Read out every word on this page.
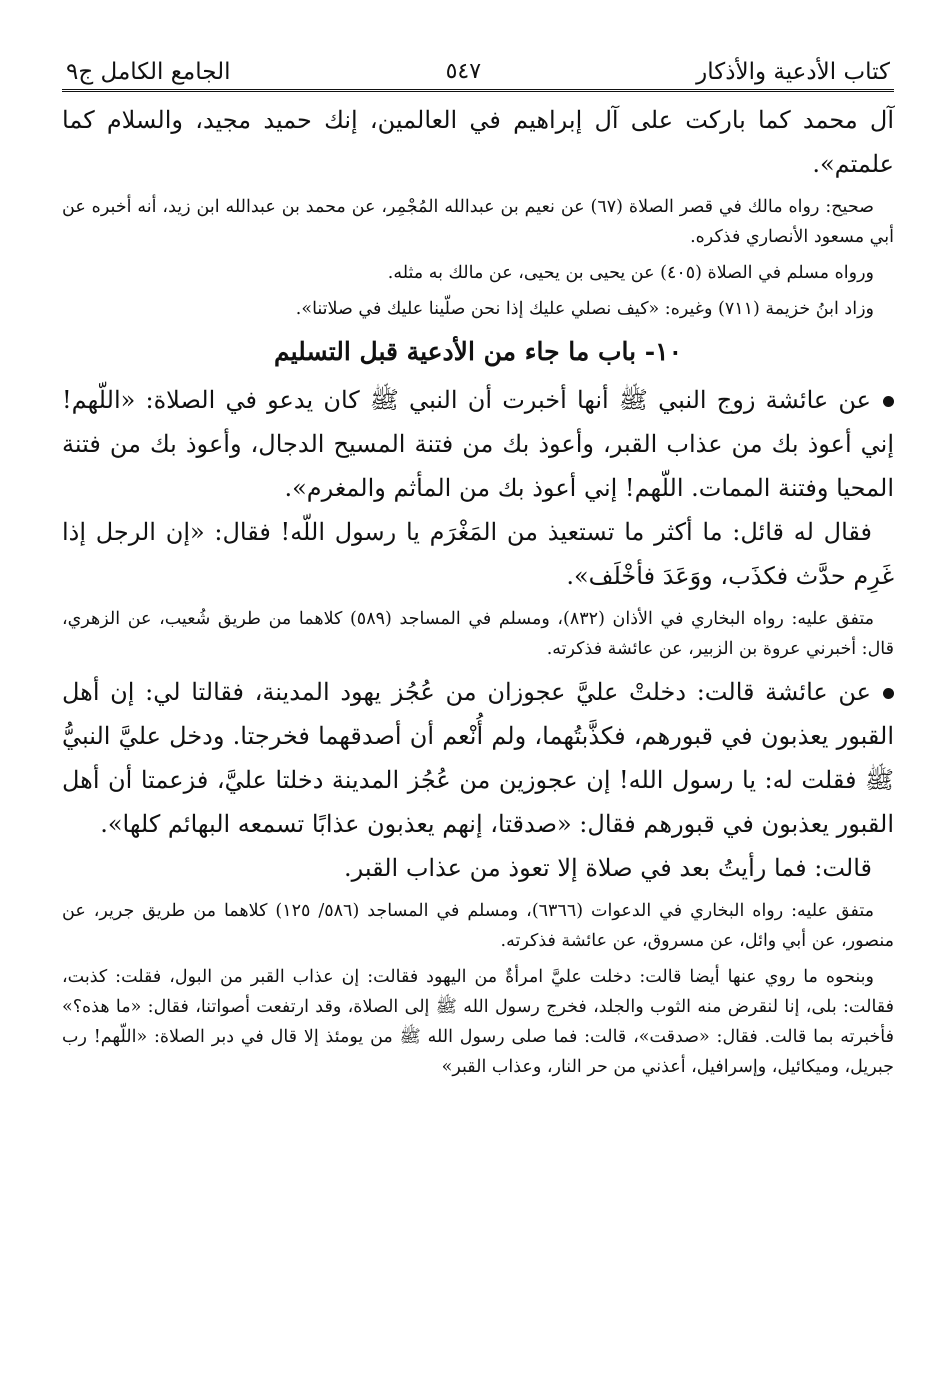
كتاب الأدعية والأذكار
٥٤٧
الجامع الكامل ج٩

آل محمد كما باركت على آل إبراهيم في العالمين، إنك حميد مجيد، والسلام كما علمتم».

صحيح: رواه مالك في قصر الصلاة (٦٧) عن نعيم بن عبدالله المُجْمِر، عن محمد بن عبدالله ابن زيد، أنه أخبره عن أبي مسعود الأنصاري فذكره.

ورواه مسلم في الصلاة (٤٠٥) عن يحيى بن يحيى، عن مالك به مثله.

وزاد ابنُ خزيمة (٧١١) وغيره: «كيف نصلي عليك إذا نحن صلّينا عليك في صلاتنا».

١٠- باب ما جاء من الأدعية قبل التسليم

عن عائشة زوج النبي ﷺ أنها أخبرت أن النبي ﷺ كان يدعو في الصلاة: «اللّهم! إني أعوذ بك من عذاب القبر، وأعوذ بك من فتنة المسيح الدجال، وأعوذ بك من فتنة المحيا وفتنة الممات. اللّهم! إني أعوذ بك من المأثم والمغرم».

فقال له قائل: ما أكثر ما تستعيذ من المَغْرَم يا رسول اللّه! فقال: «إن الرجل إذا غَرِم حدَّث فكذَب، ووَعَدَ فأخْلَف».

متفق عليه: رواه البخاري في الأذان (٨٣٢)، ومسلم في المساجد (٥٨٩) كلاهما من طريق شُعيب، عن الزهري، قال: أخبرني عروة بن الزبير، عن عائشة فذكرته.

عن عائشة قالت: دخلتْ عليَّ عجوزان من عُجُز يهود المدينة، فقالتا لي: إن أهل القبور يعذبون في قبورهم، فكذَّبتُهما، ولم أُنْعم أن أصدقهما فخرجتا. ودخل عليَّ النبيُّ ﷺ فقلت له: يا رسول الله! إن عجوزين من عُجُز المدينة دخلتا عليَّ، فزعمتا أن أهل القبور يعذبون في قبورهم فقال: «صدقتا، إنهم يعذبون عذابًا تسمعه البهائم كلها».

قالت: فما رأيتُ بعد في صلاة إلا تعوذ من عذاب القبر.

متفق عليه: رواه البخاري في الدعوات (٦٣٦٦)، ومسلم في المساجد (٥٨٦/ ١٢٥) كلاهما من طريق جرير، عن منصور، عن أبي وائل، عن مسروق، عن عائشة فذكرته.

وبنحوه ما روي عنها أيضا قالت: دخلت عليَّ امرأةٌ من اليهود فقالت: إن عذاب القبر من البول، فقلت: كذبت، فقالت: بلى، إنا لنقرض منه الثوب والجلد، فخرج رسول الله ﷺ إلى الصلاة، وقد ارتفعت أصواتنا، فقال: «ما هذه؟» فأخبرته بما قالت. فقال: «صدقت»، قالت: فما صلى رسول الله ﷺ من يومئذ إلا قال في دبر الصلاة: «اللّهم! رب جبريل، وميكائيل، وإسرافيل، أعذني من حر النار، وعذاب القبر»
